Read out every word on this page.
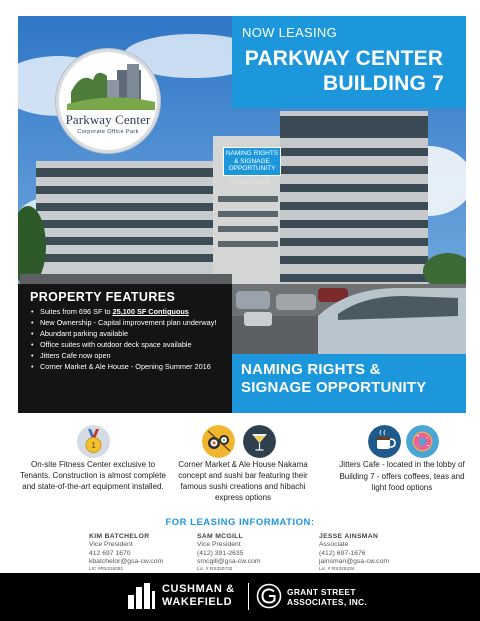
Parkway Center
Corporate Office Park
NOW LEASING
PARKWAY CENTER
BUILDING 7
NAMING RIGHTS & SIGNAGE OPPORTUNITY
PNCORPORATE
PROPERTY FEATURES
• Suites from 696 SF to 25,100 SF Contiguous
• New Ownership - Capital improvement plan underway!
• Abundant parking available
• Office suites with outdoor deck space available
• Jitters Cafe now open
• Corner Market & Ale House - Opening Summer 2016	NAMING RIGHTS &
SIGNAGE OPPORTUNITY
1

On-site Fitness Center exclusive to Tenants. Construction is almost complete and state-of-the-art equipment installed.

Corner Market & Ale House Nakama concept and sushi bar featuring their famous sushi creations and hibachi express options

Jitters Cafe - located in the lobby of Building 7 - offers coffees, teas and light food options

FOR LEASING INFORMATION:
KIM BATCHELOR
Vice President
412 697 1670
kbatchelor@gsa-cw.com
LIC #RS318281
SAM MCGILL
Vice President
(412) 391-2635
smcgill@gsa-cw.com
Lic. # RS320732
JESSE AINSMAN
Associate
(412) 697-1676
jainsman@gsa-cw.com
Lic. # RS325334
CUSHMAN &
WAKEFIELD
GRANT STREET
ASSOCIATES, INC.
